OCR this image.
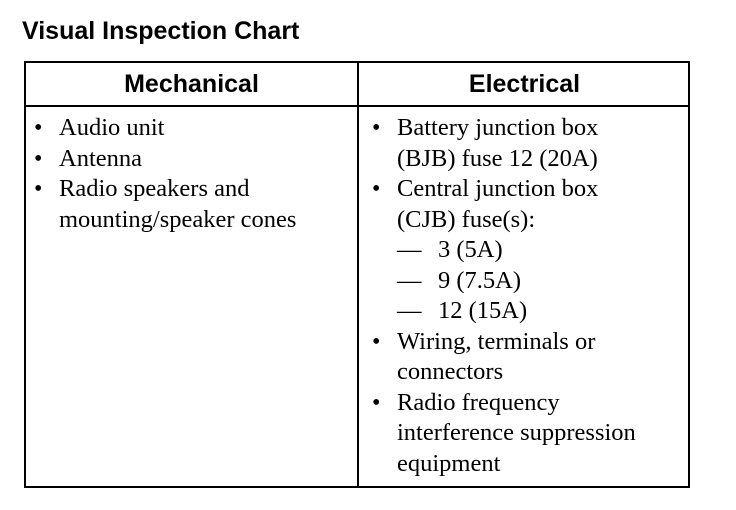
Visual Inspection Chart
Mechanical	Electrical
• Audio unit
• Antenna
• Radio speakers and
mounting/speaker cones
• Battery junction box
(BJB) fuse 12 (20A)
• Central junction box
(CJB) fuse(s):
— 3 (5A)
— 9 (7.5A)
— 12 (15A)
• Wiring, terminals or
connectors
• Radio frequency
interference suppression
equipment
